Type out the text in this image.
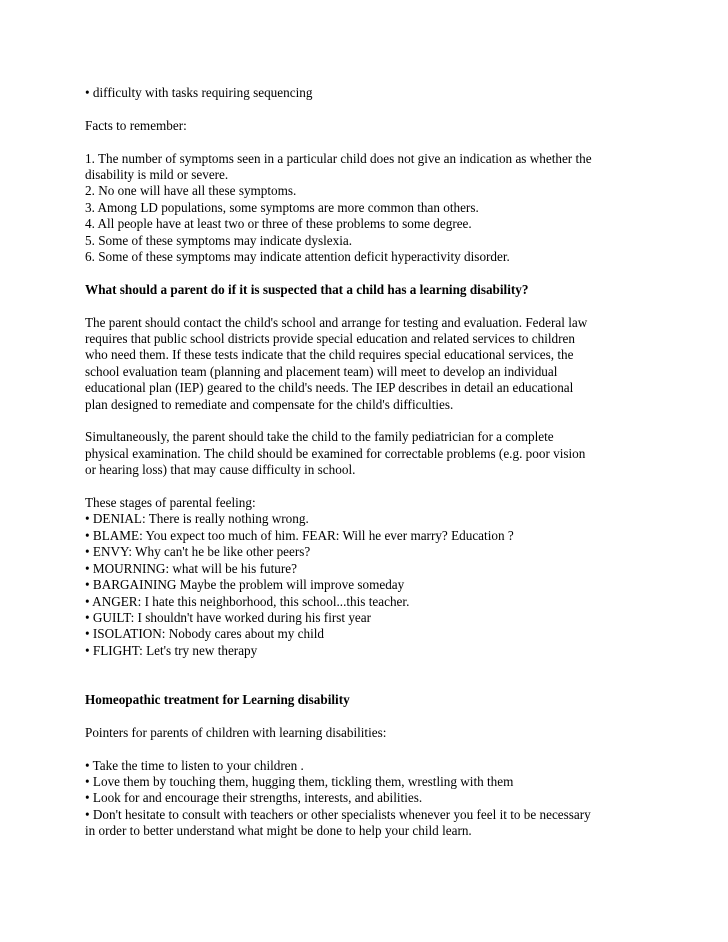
• difficulty with tasks requiring sequencing
Facts to remember:
1. The number of symptoms seen in a particular child does not give an indication as whether the
disability is mild or severe.
2. No one will have all these symptoms.
3. Among LD populations, some symptoms are more common than others.
4. All people have at least two or three of these problems to some degree.
5. Some of these symptoms may indicate dyslexia.
6. Some of these symptoms may indicate attention deficit hyperactivity disorder.
What should a parent do if it is suspected that a child has a learning disability?
The parent should contact the child's school and arrange for testing and evaluation. Federal law
requires that public school districts provide special education and related services to children
who need them. If these tests indicate that the child requires special educational services, the
school evaluation team (planning and placement team) will meet to develop an individual
educational plan (IEP) geared to the child's needs. The IEP describes in detail an educational
plan designed to remediate and compensate for the child's difficulties.
Simultaneously, the parent should take the child to the family pediatrician for a complete
physical examination. The child should be examined for correctable problems (e.g. poor vision
or hearing loss) that may cause difficulty in school.
These stages of parental feeling:
• DENIAL: There is really nothing wrong.
• BLAME: You expect too much of him. FEAR: Will he ever marry? Education ?
• ENVY: Why can't he be like other peers?
• MOURNING: what will be his future?
• BARGAINING Maybe the problem will improve someday
• ANGER: I hate this neighborhood, this school...this teacher.
• GUILT: I shouldn't have worked during his first year
• ISOLATION: Nobody cares about my child
• FLIGHT: Let's try new therapy
Homeopathic treatment for Learning disability
Pointers for parents of children with learning disabilities:
• Take the time to listen to your children .
• Love them by touching them, hugging them, tickling them, wrestling with them
• Look for and encourage their strengths, interests, and abilities.
• Don't hesitate to consult with teachers or other specialists whenever you feel it to be necessary
in order to better understand what might be done to help your child learn.
